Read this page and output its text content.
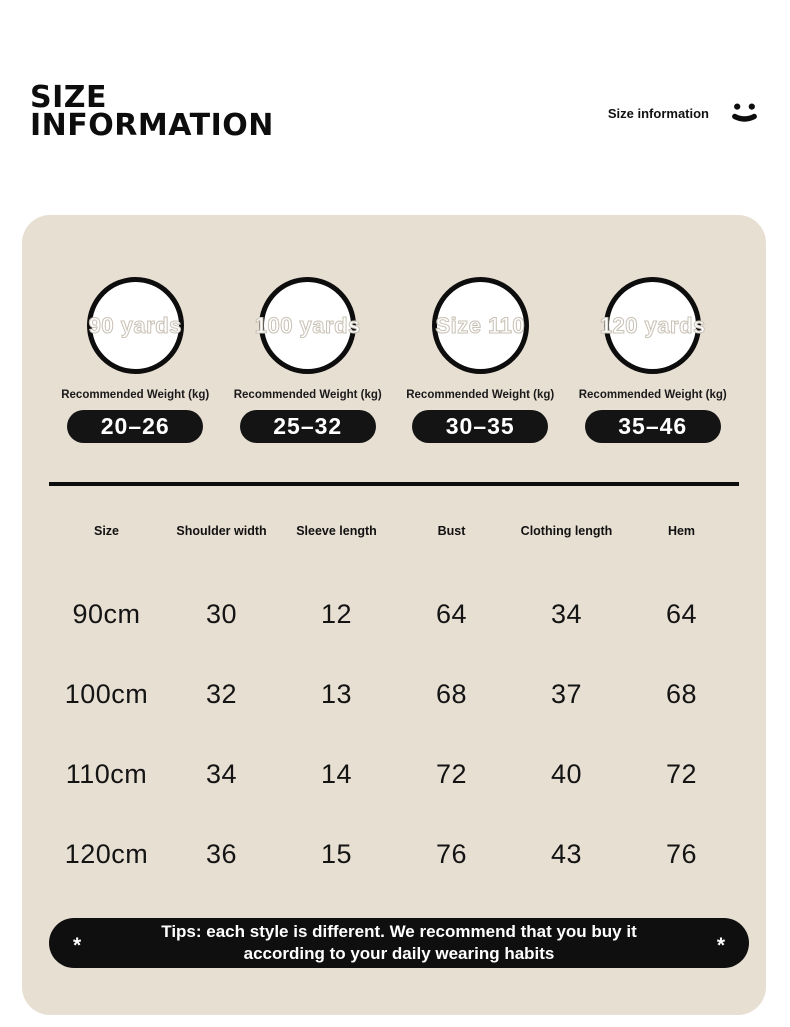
SIZE
INFORMATION	Size information
90 yards
Recommended Weight (kg)
20–26
100 yards
Recommended Weight (kg)
25–32
Size 110
Recommended Weight (kg)
30–35
120 yards
Recommended Weight (kg)
35–46
Size	Shoulder width	Sleeve length	Bust	Clothing length	Hem
90cm	30	12	64	34	64
100cm	32	13	68	37	68
110cm	34	14	72	40	72
120cm	36	15	76	43	76
*
Tips: each style is different. We recommend that you buy it according to your daily wearing habits	*
